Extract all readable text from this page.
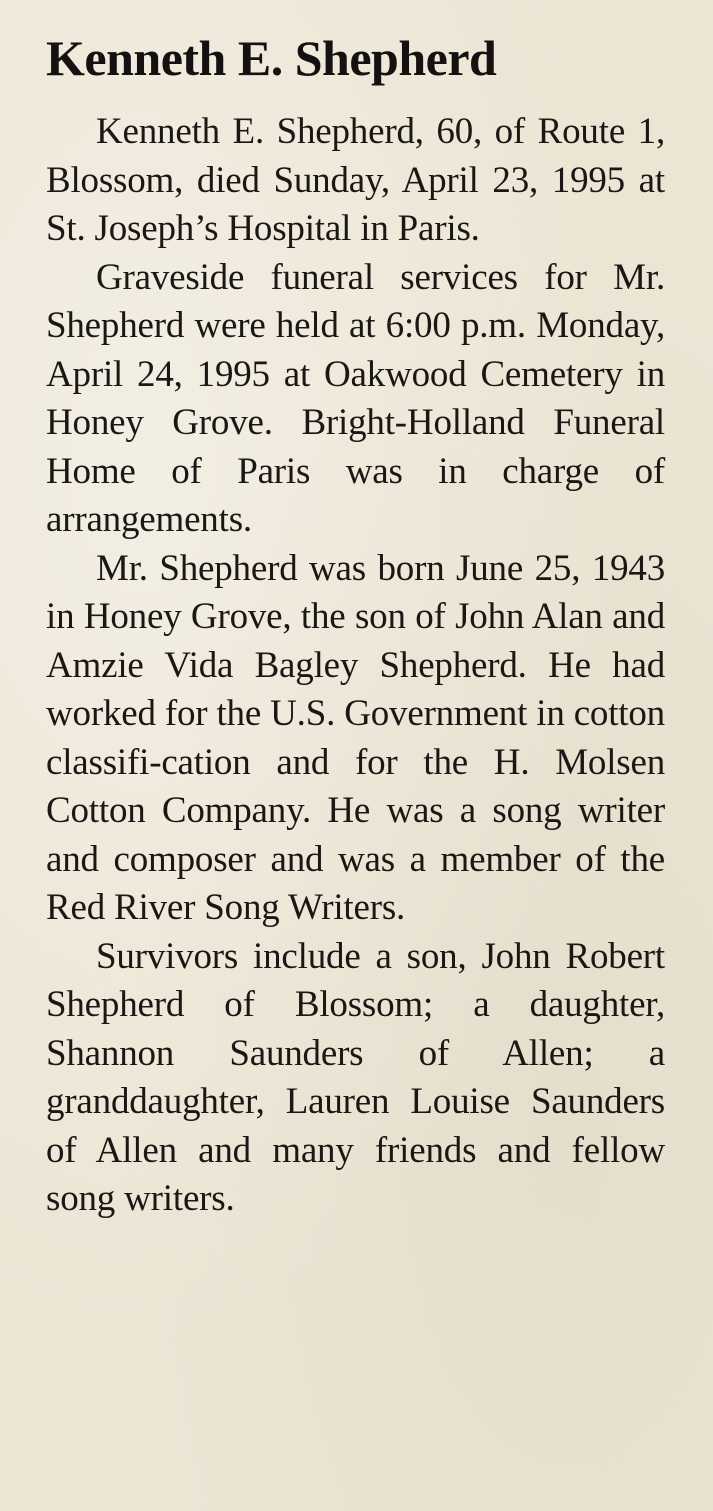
Kenneth E. Shepherd

Kenneth E. Shepherd, 60, of Route 1, Blossom, died Sunday, April 23, 1995 at St. Joseph’s Hospital in Paris.

Graveside funeral services for Mr. Shepherd were held at 6:00 p.m. Monday, April 24, 1995 at Oakwood Cemetery in Honey Grove. Bright-Holland Funeral Home of Paris was in charge of arrangements.

Mr. Shepherd was born June 25, 1943 in Honey Grove, the son of John Alan and Amzie Vida Bagley Shepherd. He had worked for the U.S. Government in cotton classifi-cation and for the H. Molsen Cotton Company. He was a song writer and composer and was a member of the Red River Song Writers.

Survivors include a son, John Robert Shepherd of Blossom; a daughter, Shannon Saunders of Allen; a granddaughter, Lauren Louise Saunders of Allen and many friends and fellow song writers.
